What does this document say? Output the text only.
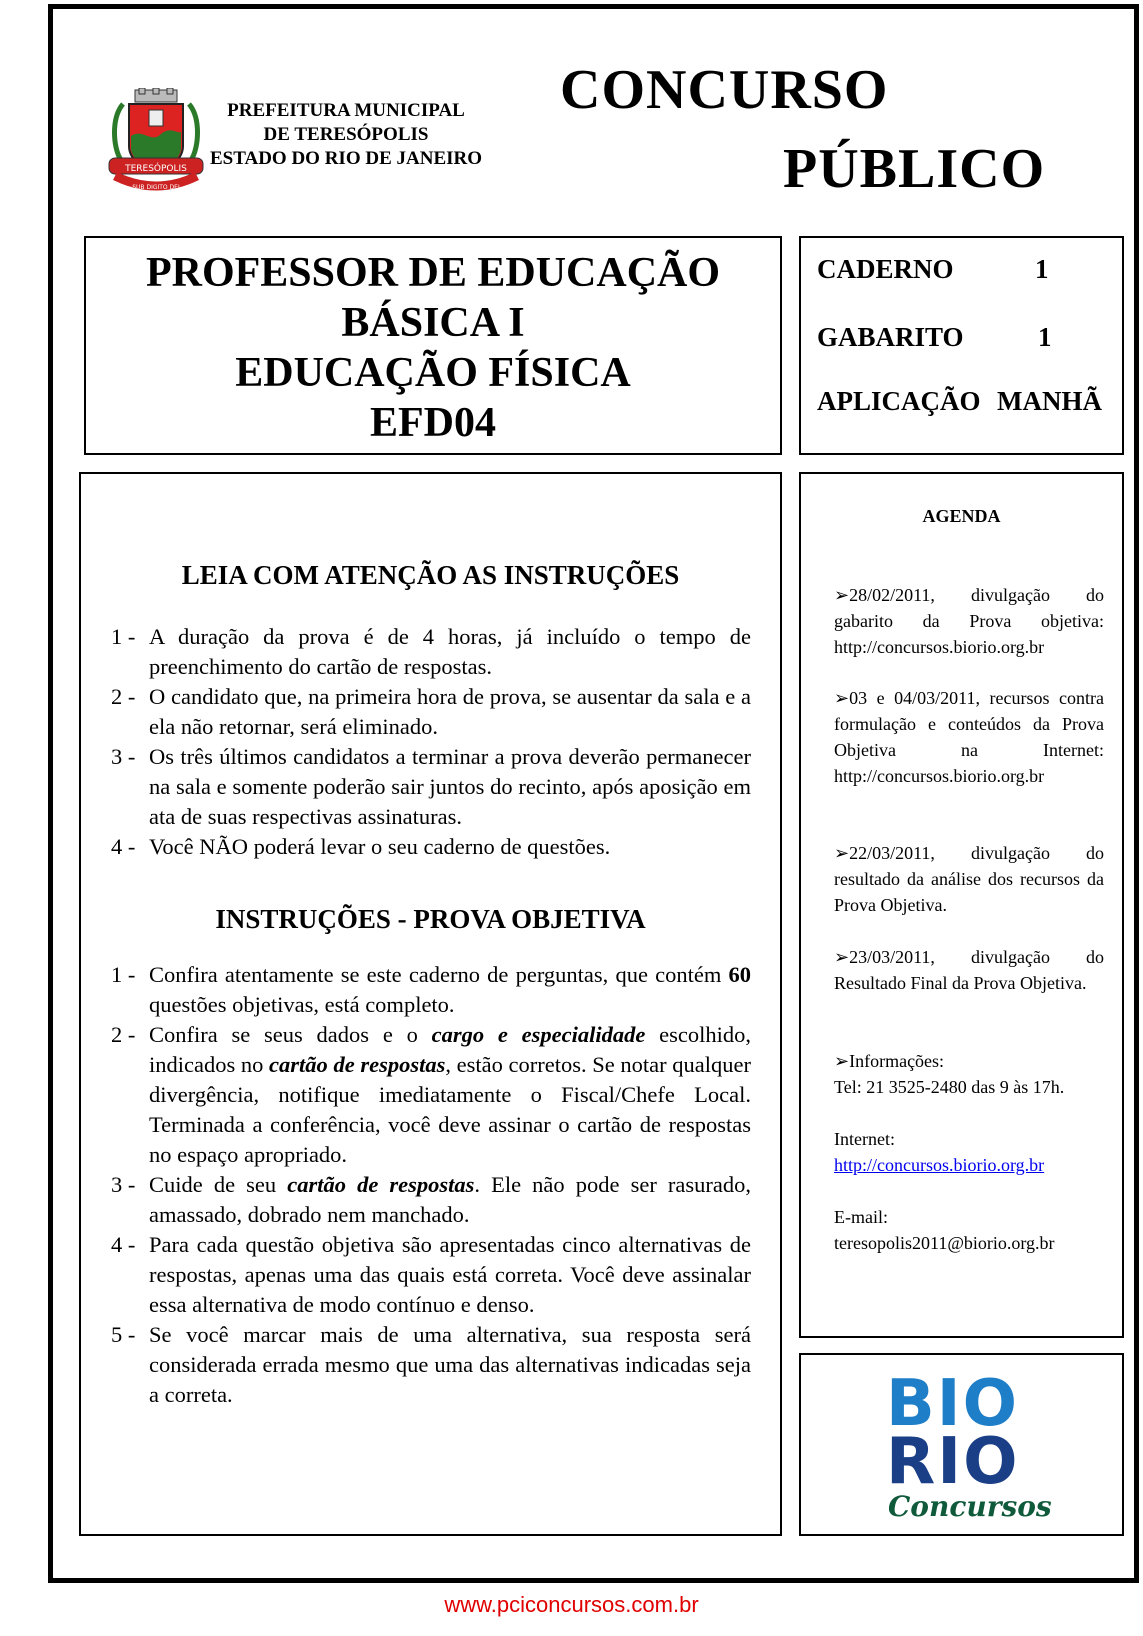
TERESÓPOLIS
SUB DIGITO DEI
PREFEITURA MUNICIPAL
DE TERESÓPOLIS
ESTADO DO RIO DE JANEIRO
CONCURSO
PÚBLICO
PROFESSOR DE EDUCAÇÃO
BÁSICA I
EDUCAÇÃO FÍSICA
EFD04
CADERNO	1
GABARITO	1
APLICAÇÃO MANHÃ
LEIA COM ATENÇÃO AS INSTRUÇÕES
1 - A duração da prova é de 4 horas, já incluído o tempo de preenchimento do cartão de respostas.
2 - O candidato que, na primeira hora de prova, se ausentar da sala e a ela não retornar, será eliminado.
3 - Os três últimos candidatos a terminar a prova deverão permanecer na sala e somente poderão sair juntos do recinto, após aposição em ata de suas respectivas assinaturas.
4 - Você NÃO poderá levar o seu caderno de questões.
INSTRUÇÕES - PROVA OBJETIVA
1 - Confira atentamente se este caderno de perguntas, que contém 60 questões objetivas, está completo.
2 - Confira se seus dados e o cargo e especialidade escolhido, indicados no cartão de respostas, estão corretos. Se notar qualquer divergência, notifique imediatamente o Fiscal/Chefe Local. Terminada a conferência, você deve assinar o cartão de respostas no espaço apropriado.
3 - Cuide de seu cartão de respostas. Ele não pode ser rasurado, amassado, dobrado nem manchado.
4 - Para cada questão objetiva são apresentadas cinco alternativas de respostas, apenas uma das quais está correta. Você deve assinalar essa alternativa de modo contínuo e denso.
5 - Se você marcar mais de uma alternativa, sua resposta será considerada errada mesmo que uma das alternativas indicadas seja a correta.
AGENDA
➢28/02/2011, divulgação do gabarito da Prova objetiva: http://concursos.biorio.org.br
➢03 e 04/03/2011, recursos contra formulação e conteúdos da Prova Objetiva na Internet: http://concursos.biorio.org.br
➢22/03/2011, divulgação do resultado da análise dos recursos da Prova Objetiva.
➢23/03/2011, divulgação do Resultado Final da Prova Objetiva.
➢Informações:
Tel: 21 3525-2480 das 9 às 17h.
Internet:
http://concursos.biorio.org.br
E-mail:
teresopolis2011@biorio.org.br
BIO
RIO
Concursos
www.pciconcursos.com.br
